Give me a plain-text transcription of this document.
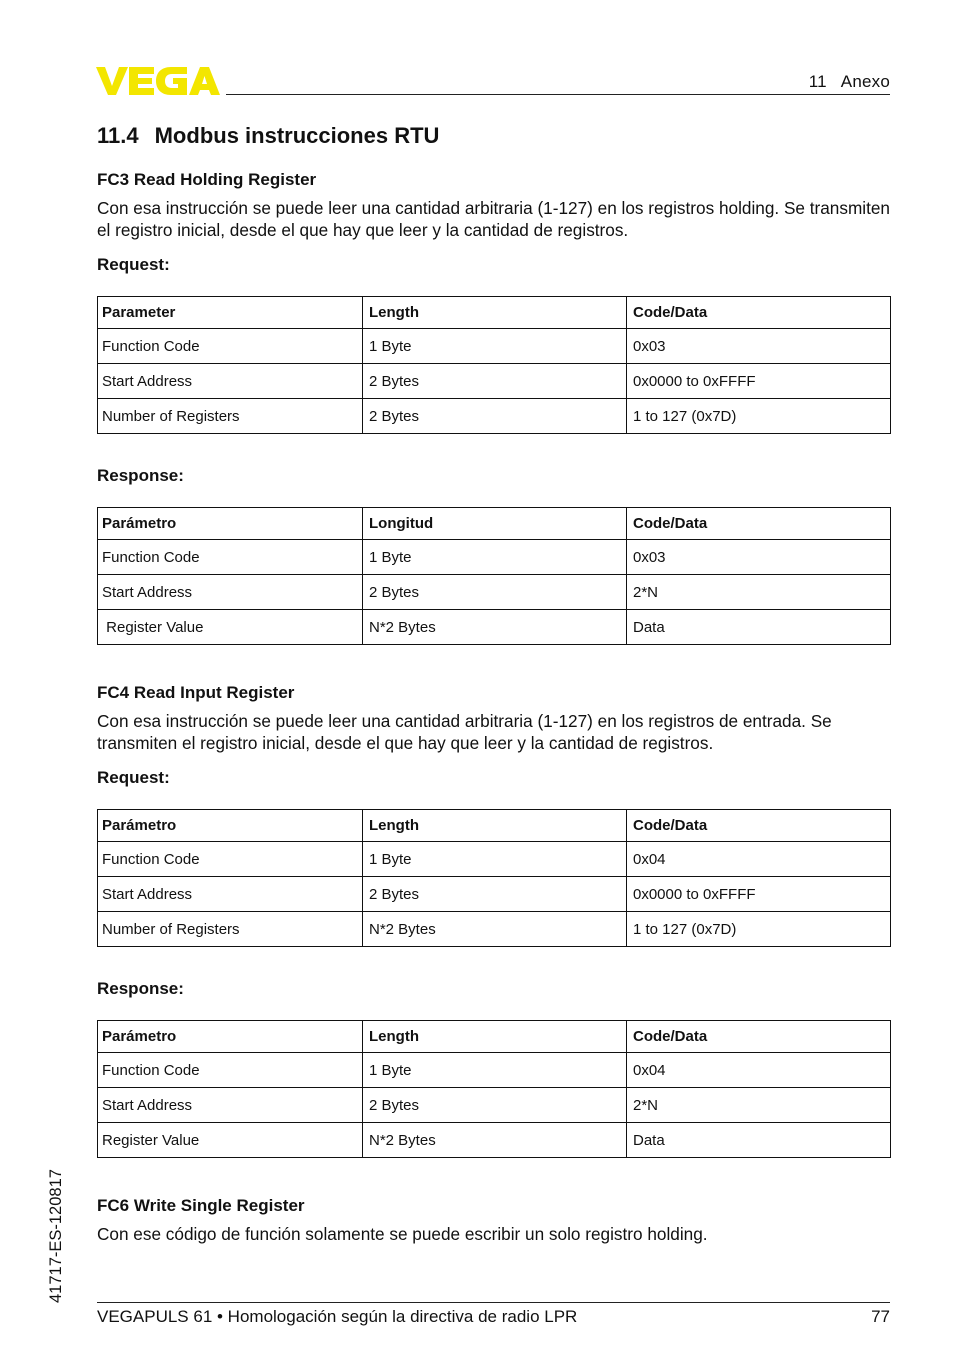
11 Anexo
11.4 Modbus instrucciones RTU
FC3 Read Holding Register

Con esa instrucción se puede leer una cantidad arbitraria (1-127) en los registros holding. Se transmiten el registro inicial, desde el que hay que leer y la cantidad de registros.

Request:
Parameter	Length	Code/Data
Function Code	1 Byte	0x03
Start Address	2 Bytes	0x0000 to 0xFFFF
Number of Registers	2 Bytes	1 to 127 (0x7D)
Response:
Parámetro	Longitud	Code/Data
Function Code	1 Byte	0x03
Start Address	2 Bytes	2*N
Register Value	N*2 Bytes	Data
FC4 Read Input Register

Con esa instrucción se puede leer una cantidad arbitraria (1-127) en los registros de entrada. Se transmiten el registro inicial, desde el que hay que leer y la cantidad de registros.

Request:
Parámetro	Length	Code/Data
Function Code	1 Byte	0x04
Start Address	2 Bytes	0x0000 to 0xFFFF
Number of Registers	N*2 Bytes	1 to 127 (0x7D)
Response:
Parámetro	Length	Code/Data
Function Code	1 Byte	0x04
Start Address	2 Bytes	2*N
Register Value	N*2 Bytes	Data
FC6 Write Single Register

Con ese código de función solamente se puede escribir un solo registro holding.

41717-ES-120817
VEGAPULS 61 • Homologación según la directiva de radio LPR	77
